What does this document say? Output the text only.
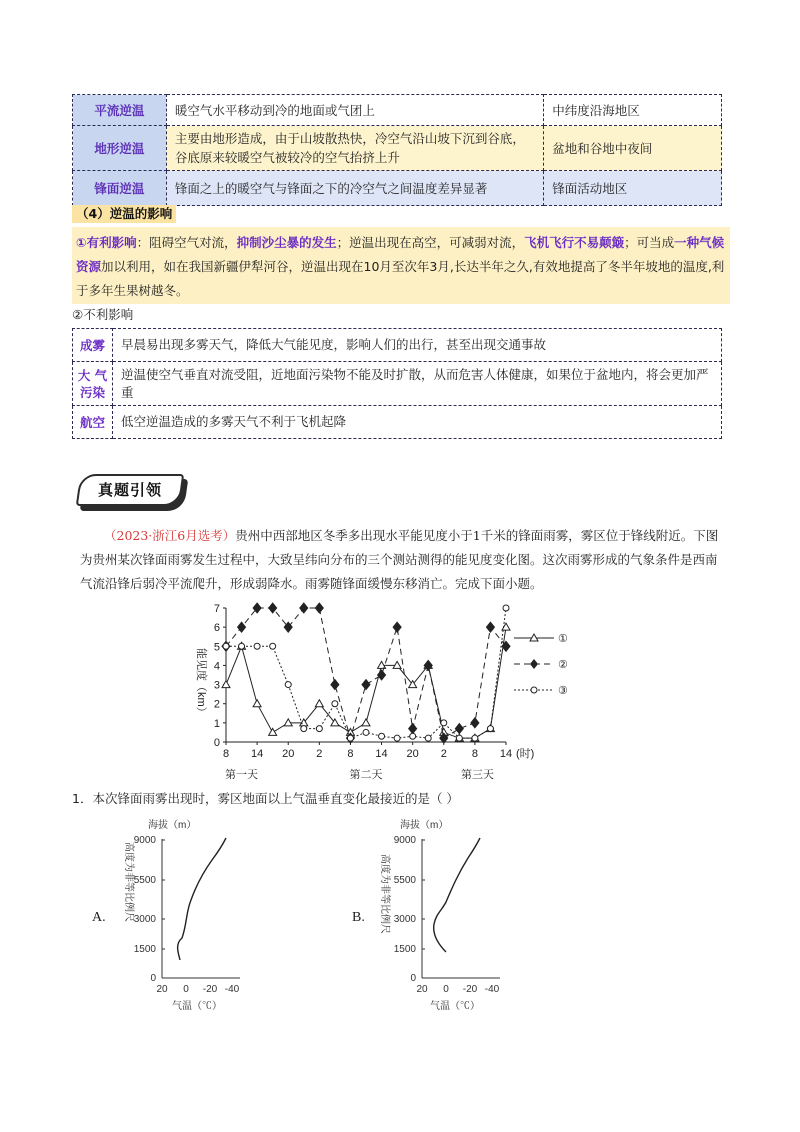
平流逆温	暖空气水平移动到冷的地面或气团上	中纬度沿海地区
地形逆温	主要由地形造成，由于山坡散热快，冷空气沿山坡下沉到谷底，谷底原来较暖空气被较冷的空气抬挤上升	盆地和谷地中夜间
锋面逆温	锋面之上的暖空气与锋面之下的冷空气之间温度差异显著	锋面活动地区
（4）逆温的影响
①有利影响：阻碍空气对流，抑制沙尘暴的发生；逆温出现在高空，可减弱对流，飞机飞行不易颠簸；可当成一种气候资源加以利用，如在我国新疆伊犁河谷，逆温出现在10月至次年3月,长达半年之久,有效地提高了冬半年坡地的温度,利于多年生果树越冬。
②不利影响
成雾	早晨易出现多雾天气，降低大气能见度，影响人们的出行，甚至出现交通事故
大 气
污染	逆温使空气垂直对流受阻，近地面污染物不能及时扩散，从而危害人体健康，如果位于盆地内，将会更加严重
航空	低空逆温造成的多雾天气不利于飞机起降
真题引领
（2023·浙江6月选考）贵州中西部地区冬季多出现水平能见度小于1千米的锋面雨雾，雾区位于锋线附近。下图为贵州某次锋面雨雾发生过程中，大致呈纬向分布的三个测站测得的能见度变化图。这次雨雾形成的气象条件是西南气流沿锋后弱冷平流爬升，形成弱降水。雨雾随锋面缓慢东移消亡。完成下面小题。
0
1
2
3
4
5
6
7
能见度（km）
8 14 20 2 8 14 20 2 8 14 (时)
第一天	第二天	第三天
①
②
③
1．本次锋面雨雾出现时，雾区地面以上气温垂直变化最接近的是（ ）
A.
海拔（m）
高度为非等比例尺
0
1500
3000
5500
9000
20 0 -20 -40
气温（℃）
B.
海拔（m）
高度为非等比例尺
0
1500
3000
5500
9000
20 0 -20 -40
气温（℃）
